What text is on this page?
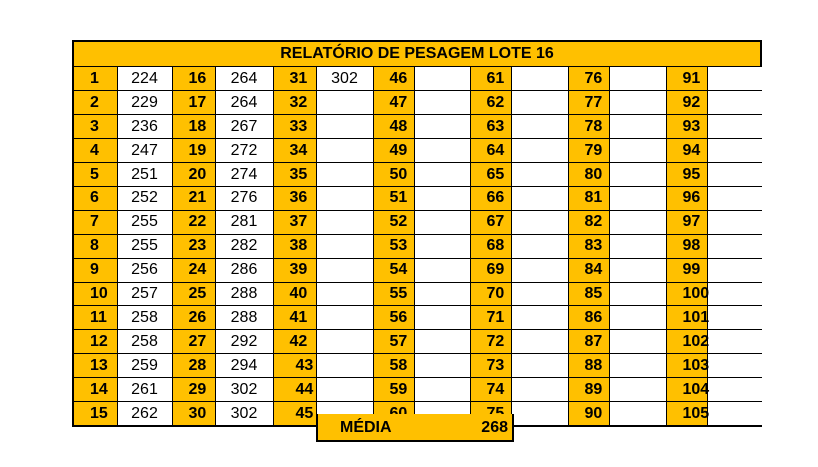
RELATÓRIO DE PESAGEM LOTE 16
1	224	16	264	31	302	46		61		76		91	
2	229	17	264	32		47		62		77		92	
3	236	18	267	33		48		63		78		93	
4	247	19	272	34		49		64		79		94	
5	251	20	274	35		50		65		80		95	
6	252	21	276	36		51		66		81		96	
7	255	22	281	37		52		67		82		97	
8	255	23	282	38		53		68		83		98	
9	256	24	286	39		54		69		84		99	
10	257	25	288	40		55		70		85		100	
11	258	26	288	41		56		71		86		101	
12	258	27	292	42		57		72		87		102	
13	259	28	294	43		58		73		88		103	
14	261	29	302	44		59		74		89		104	
15	262	30	302	45						90		105	
MÉDIA	268
